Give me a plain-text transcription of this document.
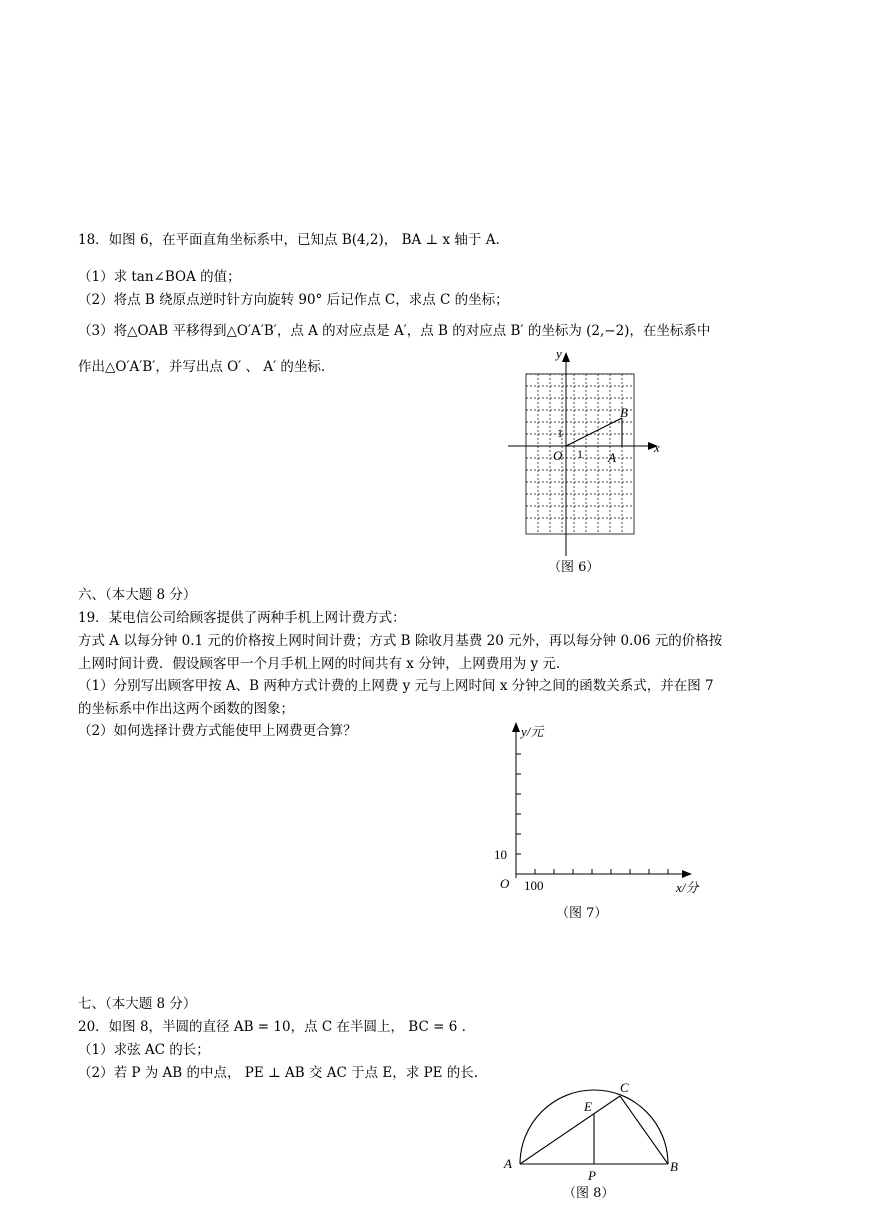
18．如图 6，在平面直角坐标系中，已知点 B(4,2)， BA ⊥ x 轴于 A.
（1）求 tan∠BOA 的值；
（2）将点 B 绕原点逆时针方向旋转 90° 后记作点 C，求点 C 的坐标；
（3）将△OAB 平移得到△O′A′B′，点 A 的对应点是 A′，点 B 的对应点 B′ 的坐标为 (2,−2)，在坐标系中
作出△O′A′B′，并写出点 O′ 、 A′ 的坐标.
y
x
B
O	A
1
1
（图 6）
六、（本大题 8 分）
19．某电信公司给顾客提供了两种手机上网计费方式：
方式 A 以每分钟 0.1 元的价格按上网时间计费；方式 B 除收月基费 20 元外，再以每分钟 0.06 元的价格按
上网时间计费．假设顾客甲一个月手机上网的时间共有 x 分钟，上网费用为 y 元.
（1）分别写出顾客甲按 A、B 两种方式计费的上网费 y 元与上网时间 x 分钟之间的函数关系式，并在图 7
的坐标系中作出这两个函数的图象；
（2）如何选择计费方式能使甲上网费更合算？	y/元
x/分
O
10
100
（图 7）
七、（本大题 8 分）
20．如图 8，半圆的直径 AB = 10，点 C 在半圆上， BC = 6 .
（1）求弦 AC 的长；
（2）若 P 为 AB 的中点， PE ⊥ AB 交 AC 于点 E，求 PE 的长.
A	B
C
E
P
（图 8）
